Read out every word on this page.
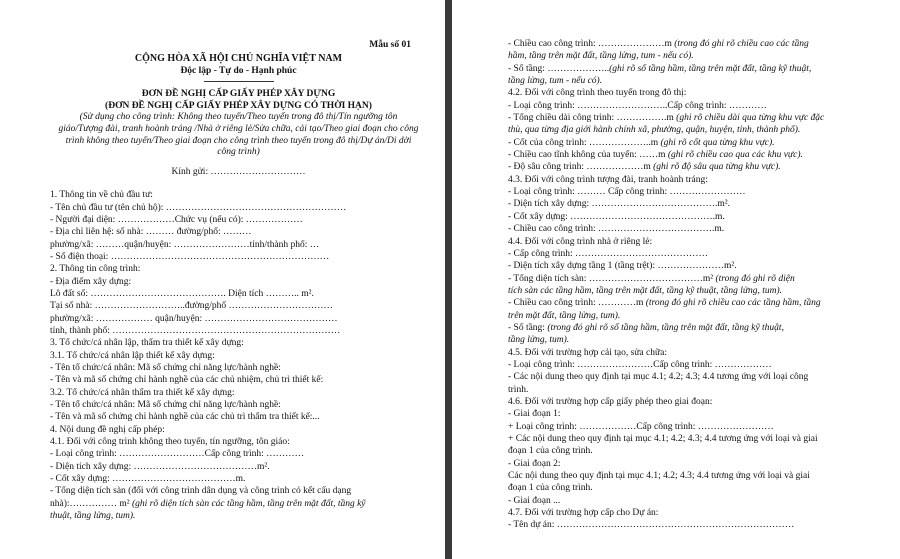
Mẫu số 01
CỘNG HÒA XÃ HỘI CHỦ NGHĨA VIỆT NAM
Độc lập - Tự do - Hạnh phúc
ĐƠN ĐỀ NGHỊ CẤP GIẤY PHÉP XÂY DỰNG
(ĐƠN ĐỀ NGHỊ CẤP GIẤY PHÉP XÂY DỰNG CÓ THỜI HẠN)
(Sử dụng cho công trình: Không theo tuyến/Theo tuyến trong đô thị/Tín ngưỡng tôn giáo/Tượng đài, tranh hoành tráng /Nhà ở riêng lẻ/Sửa chữa, cải tạo/Theo giai đoạn cho công trình không theo tuyến/Theo giai đoạn cho công trình theo tuyến trong đô thị/Dự án/Di dời công trình)
Kính gửi: …………………………
1. Thông tin về chủ đầu tư:
- Tên chủ đầu tư (tên chủ hộ): …………………………………………………
- Người đại diện: ………………Chức vụ (nếu có): ………………
- Địa chỉ liên hệ: số nhà: ……… đường/phố: ………
phường/xã: ………quận/huyện: ……………………tỉnh/thành phố: …
- Số điện thoại: ……………………………………………………………
2. Thông tin công trình:
- Địa điểm xây dựng:
Lô đất số: ……………………………………. Diện tích ……….. m².
Tại số nhà: ………………………..đường/phố ……………………………
phường/xã: ……………… quận/huyện: ……………………………………
tỉnh, thành phố: ………………………………………………………………
3. Tổ chức/cá nhân lập, thẩm tra thiết kế xây dựng:
3.1. Tổ chức/cá nhân lập thiết kế xây dựng:
- Tên tổ chức/cá nhân: Mã số chứng chỉ năng lực/hành nghề:
- Tên và mã số chứng chỉ hành nghề của các chủ nhiệm, chủ trì thiết kế:
3.2. Tổ chức/cá nhân thẩm tra thiết kế xây dựng:
- Tên tổ chức/cá nhân: Mã số chứng chỉ năng lực/hành nghề:
- Tên và mã số chứng chỉ hành nghề của các chủ trì thẩm tra thiết kế:...
4. Nội dung đề nghị cấp phép:
4.1. Đối với công trình không theo tuyến, tín ngưỡng, tôn giáo:
- Loại công trình: ………………………Cấp công trình: …………
- Diện tích xây dựng: …………………………………m².
- Cốt xây dựng: …………………………………m.
- Tổng diện tích sàn (đối với công trình dân dụng và công trình có kết cấu dạng
nhà):…………… m² (ghi rõ diện tích sàn các tầng hầm, tầng trên mặt đất, tầng kỹ
thuật, tầng lửng, tum).
- Chiều cao công trình: …………………m (trong đó ghi rõ chiều cao các tầng
hầm, tầng trên mặt đất, tầng lửng, tum - nếu có).
- Số tầng: ………………..(ghi rõ số tầng hầm, tầng trên mặt đất, tầng kỹ thuật,
tầng lửng, tum - nếu có).
4.2. Đối với công trình theo tuyến trong đô thị:
- Loại công trình: ………………………..Cấp công trình: …………
- Tổng chiều dài công trình: …………….m (ghi rõ chiều dài qua từng khu vực đặc
thù, qua từng địa giới hành chính xã, phường, quận, huyện, tỉnh, thành phố).
- Cốt của công trình: ………………..m (ghi rõ cốt qua từng khu vực).
- Chiều cao tĩnh không của tuyến: ……m (ghi rõ chiều cao qua các khu vực).
- Độ sâu công trình: ………………m (ghi rõ độ sâu qua từng khu vực).
4.3. Đối với công trình tượng đài, tranh hoành tráng:
- Loại công trình: ……… Cấp công trình: ……………………
- Diện tích xây dựng: ………………………………….m².
- Cốt xây dựng: ……………………………………….m.
- Chiều cao công trình: ……………………………….m.
4.4. Đối với công trình nhà ở riêng lẻ:
- Cấp công trình: ……………………………………
- Diện tích xây dựng tầng 1 (tầng trệt): …………………m².
- Tổng diện tích sàn: ………………………………m² (trong đó ghi rõ diện
tích sàn các tầng hầm, tầng trên mặt đất, tầng kỹ thuật, tầng lửng, tum).
- Chiều cao công trình: …………m (trong đó ghi rõ chiều cao các tầng hầm, tầng
trên mặt đất, tầng lửng, tum).
- Số tầng: (trong đó ghi rõ số tầng hầm, tầng trên mặt đất, tầng kỹ thuật,
tầng lửng, tum).
4.5. Đối với trường hợp cải tạo, sửa chữa:
- Loại công trình: ……………………Cấp công trình: ………………
- Các nội dung theo quy định tại mục 4.1; 4.2; 4.3; 4.4 tương ứng với loại công
trình.
4.6. Đối với trường hợp cấp giấy phép theo giai đoạn:
- Giai đoạn 1:
+ Loại công trình: ………………Cấp công trình: ……………………
+ Các nội dung theo quy định tại mục 4.1; 4.2; 4.3; 4.4 tương ứng với loại và giai
đoạn 1 của công trình.
- Giai đoạn 2:
Các nội dung theo quy định tại mục 4.1; 4.2; 4.3; 4.4 tương ứng với loại và giai
đoạn 1 của công trình.
- Giai đoạn ...
4.7. Đối với trường hợp cấp cho Dự án:
- Tên dự án: …………………………………………………………………
